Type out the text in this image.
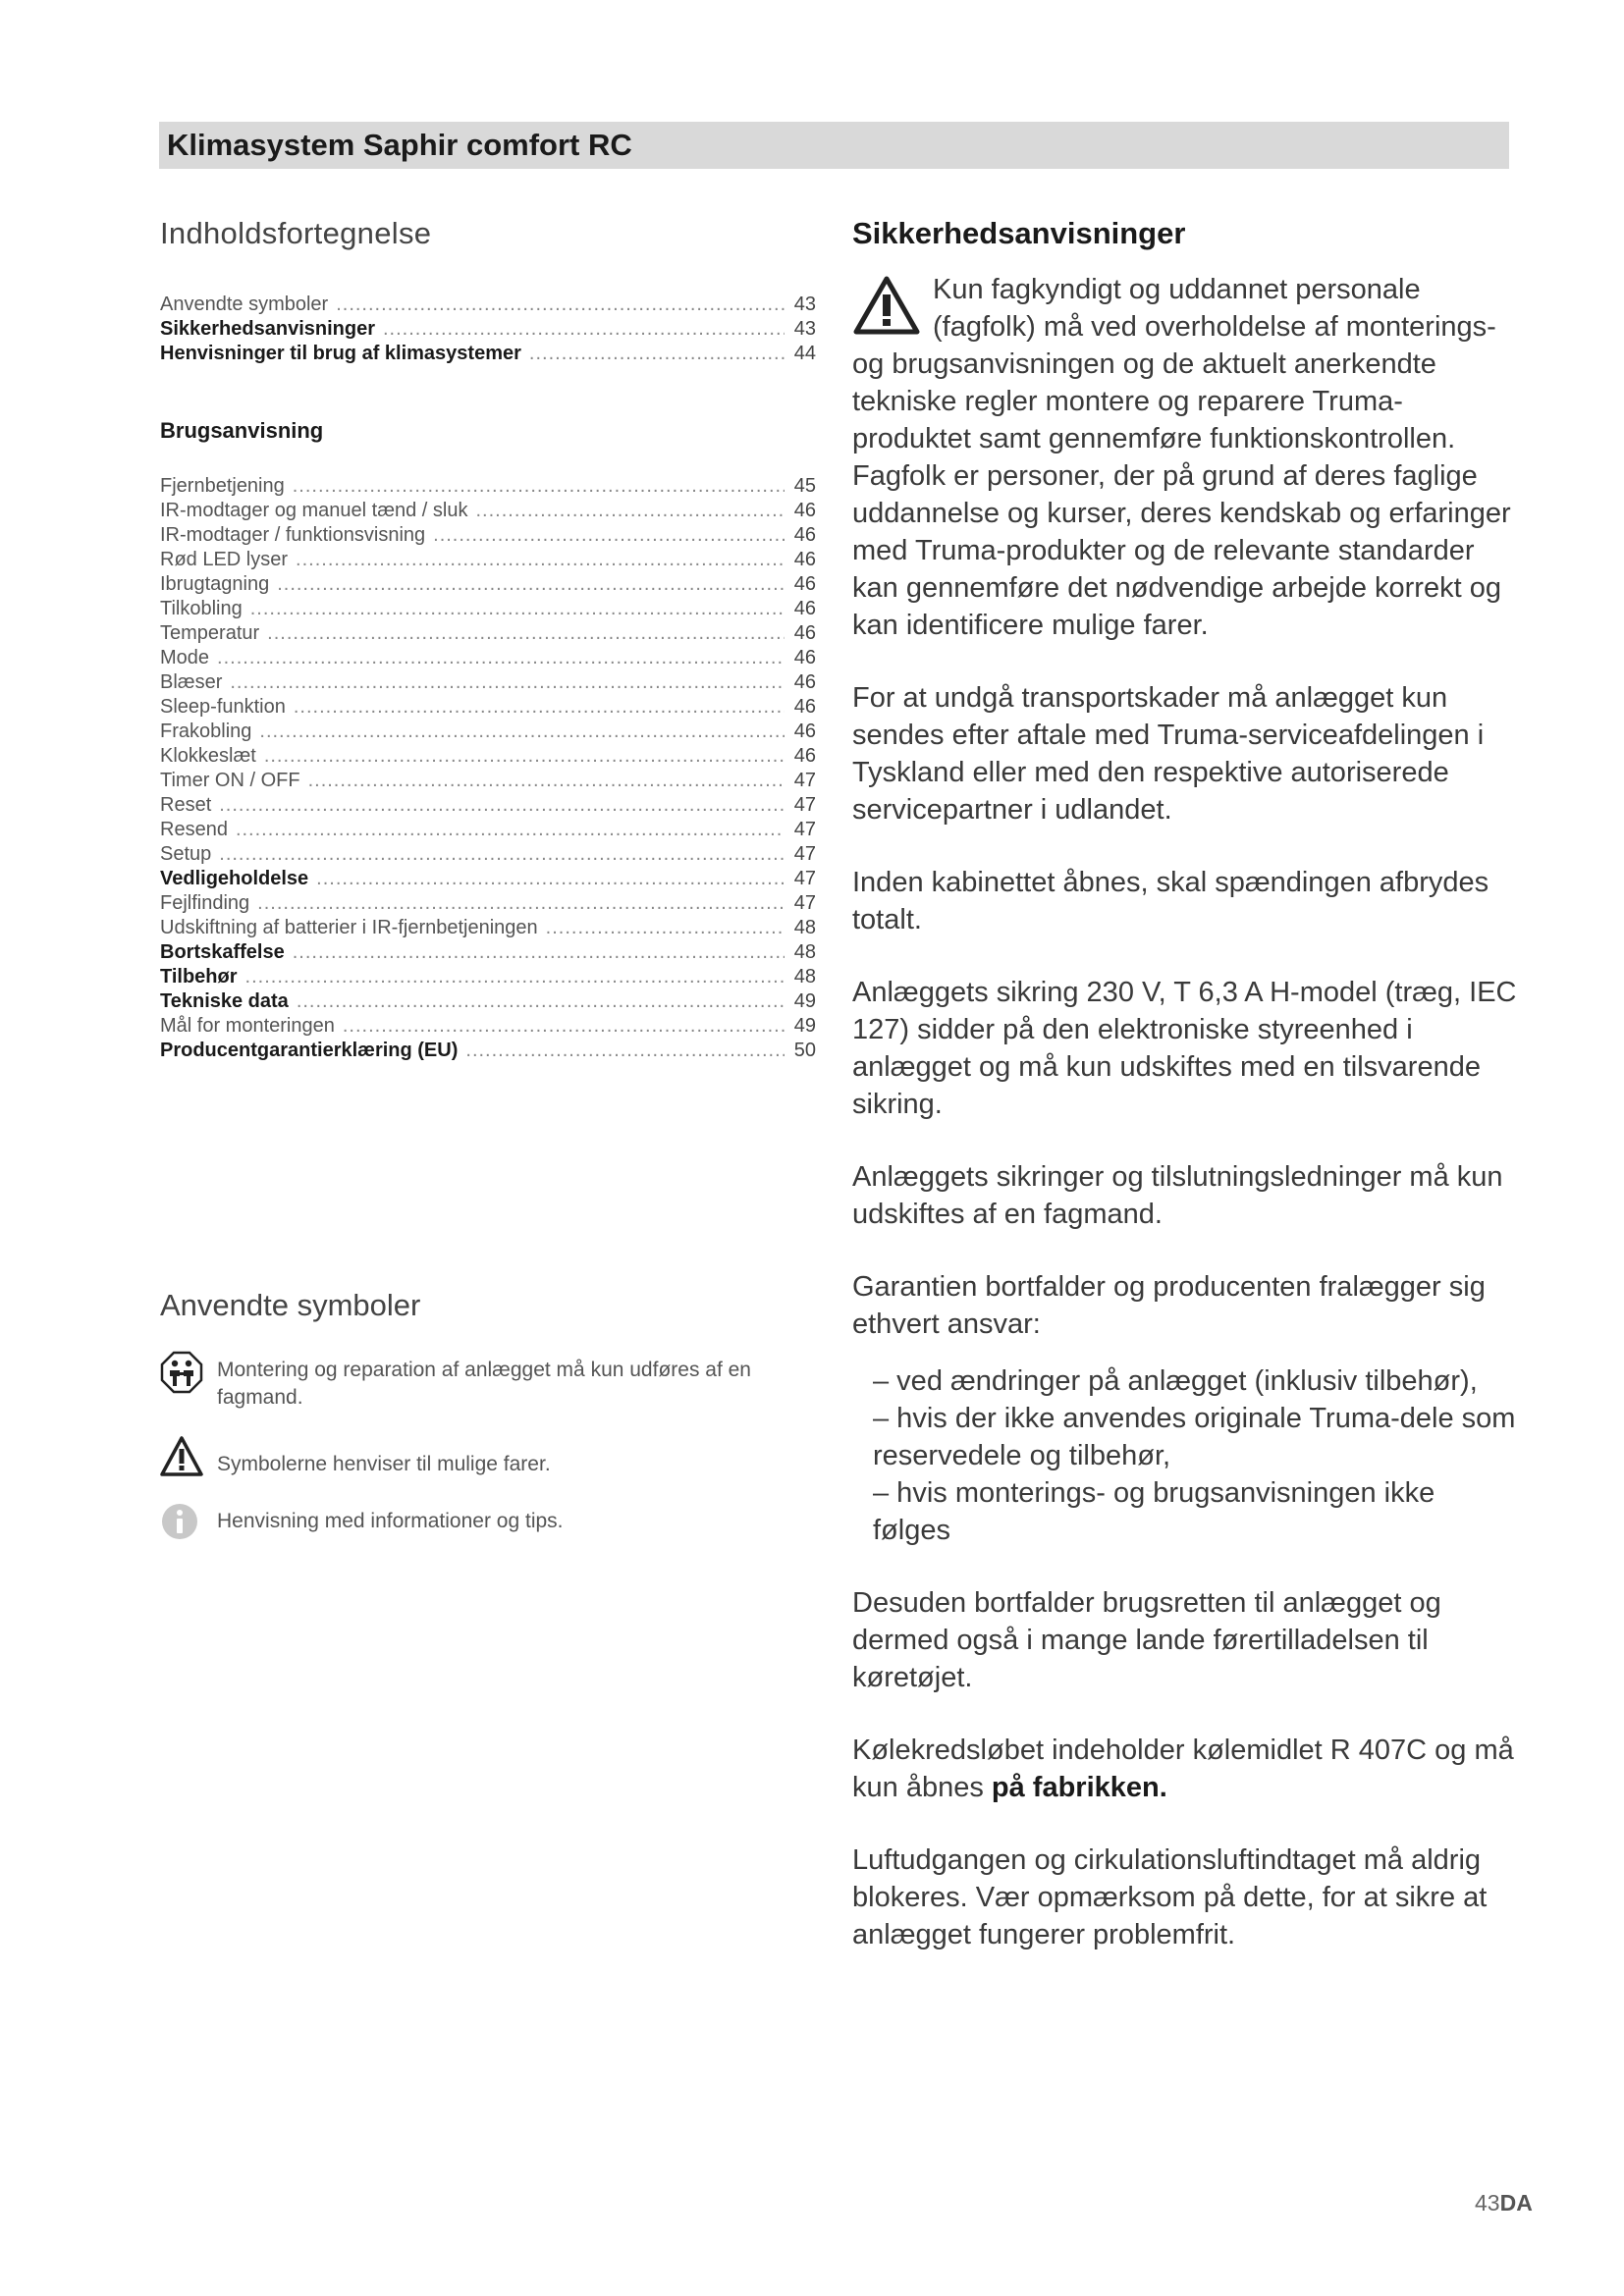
Klimasystem Saphir comfort RC
Indholdsfortegnelse
Anvendte symboler .....	43
Sikkerhedsanvisninger .....	43
Henvisninger til brug af klimasystemer .....	44
Brugsanvisning
Fjernbetjening .....	45
IR-modtager og manuel tænd / sluk .....	46
IR-modtager / funktionsvisning .....	46
Rød LED lyser .....	46
Ibrugtagning .....	46
Tilkobling .....	46
Temperatur .....	46
Mode .....	46
Blæser .....	46
Sleep-funktion .....	46
Frakobling .....	46
Klokkeslæt .....	46
Timer ON / OFF .....	47
Reset .....	47
Resend .....	47
Setup .....	47
Vedligeholdelse .....	47
Fejlfinding .....	47
Udskiftning af batterier i IR-fjernbetjeningen .....	48
Bortskaffelse .....	48
Tilbehør .....	48
Tekniske data .....	49
Mål for monteringen .....	49
Producentgarantierklæring (EU) .....	50
Anvendte symboler
Montering og reparation af anlægget må kun udføres af en fagmand.
Symbolerne henviser til mulige farer.
Henvisning med informationer og tips.
Sikkerhedsanvisninger
Kun fagkyndigt og uddannet personale (fagfolk) må ved overholdelse af monterings- og brugsanvisningen og de aktuelt anerkendte tekniske regler montere og reparere Truma-produktet samt gennemføre funktionskontrollen. Fagfolk er personer, der på grund af deres faglige uddannelse og kurser, deres kendskab og erfaringer med Truma-produkter og de relevante standarder kan gennemføre det nødvendige arbejde korrekt og kan identificere mulige farer.
For at undgå transportskader må anlægget kun sendes efter aftale med Truma-serviceafdelingen i Tyskland eller med den respektive autoriserede servicepartner i udlandet.
Inden kabinettet åbnes, skal spændingen afbrydes totalt.
Anlæggets sikring 230 V, T 6,3 A H-model (træg, IEC 127) sidder på den elektroniske styreenhed i anlægget og må kun udskiftes med en tilsvarende sikring.
Anlæggets sikringer og tilslutningsledninger må kun udskiftes af en fagmand.
Garantien bortfalder og producenten fralægger sig ethvert ansvar:
– ved ændringer på anlægget (inklusiv tilbehør),
– hvis der ikke anvendes originale Truma-dele som reservedele og tilbehør,
– hvis monterings- og brugsanvisningen ikke følges
Desuden bortfalder brugsretten til anlægget og dermed også i mange lande førertilladelsen til køretøjet.
Kølekredsløbet indeholder kølemidlet R 407C og må kun åbnes på fabrikken.
Luftudgangen og cirkulationsluftindtaget må aldrig blokeres. Vær opmærksom på dette, for at sikre at anlægget fungerer problemfrit.
43DA
